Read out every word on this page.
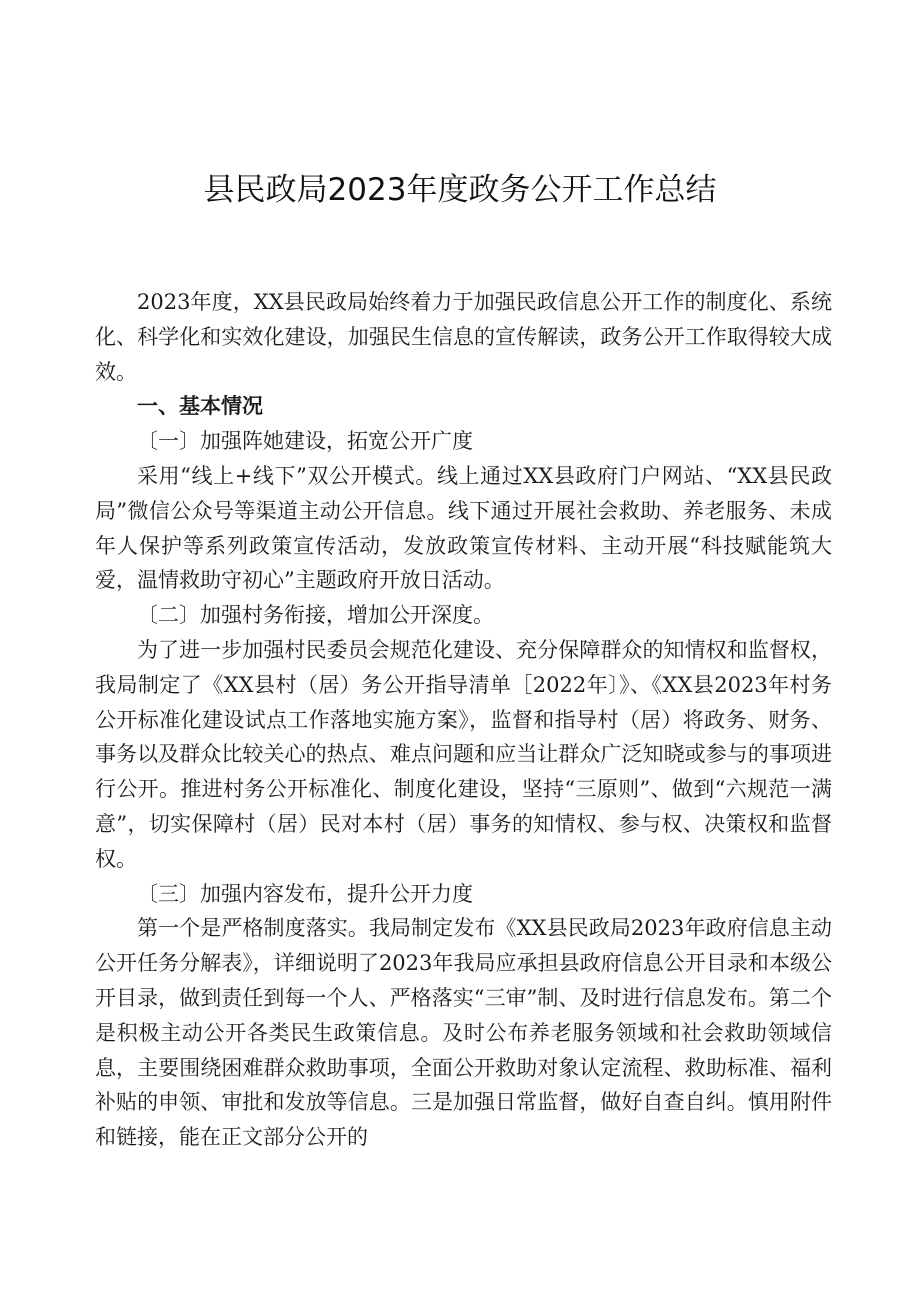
县民政局2023年度政务公开工作总结

2023年度，XX县民政局始终着力于加强民政信息公开工作的制度化、系统化、科学化和实效化建设，加强民生信息的宣传解读，政务公开工作取得较大成效。

一、基本情况

〔一〕加强阵她建设，拓宽公开广度

采用“线上+线下”双公开模式。线上通过XX县政府门户网站、“XX县民政局”微信公众号等渠道主动公开信息。线下通过开展社会救助、养老服务、未成年人保护等系列政策宣传活动，发放政策宣传材料、主动开展“科技赋能筑大爱，温情救助守初心”主题政府开放日活动。

〔二〕加强村务衔接，增加公开深度。

为了进一步加强村民委员会规范化建设、充分保障群众的知情权和监督权，我局制定了《XX县村（居）务公开指导清单［2022年〕》、《XX县2023年村务公开标准化建设试点工作落地实施方案》，监督和指导村（居）将政务、财务、事务以及群众比较关心的热点、难点问题和应当让群众广泛知晓或参与的事项进行公开。推进村务公开标准化、制度化建设，坚持“三原则”、做到“六规范一满意”，切实保障村（居）民对本村（居）事务的知情权、参与权、决策权和监督权。

〔三〕加强内容发布，提升公开力度

第一个是严格制度落实。我局制定发布《XX县民政局2023年政府信息主动公开任务分解表》，详细说明了2023年我局应承担县政府信息公开目录和本级公开目录，做到责任到每一个人、严格落实“三审”制、及时进行信息发布。第二个是积极主动公开各类民生政策信息。及时公布养老服务领域和社会救助领域信息，主要围绕困难群众救助事项，全面公开救助对象认定流程、救助标准、福利补贴的申领、审批和发放等信息。三是加强日常监督，做好自查自纠。慎用附件和链接，能在正文部分公开的
